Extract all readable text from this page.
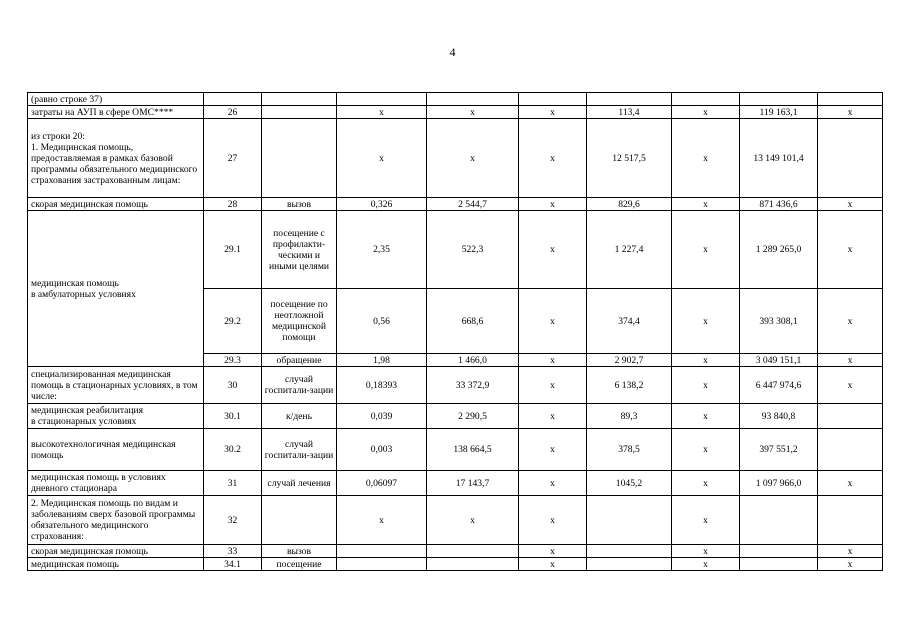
4
(равно строке 37)									
затраты на АУП в сфере ОМС****	26		x	x	x	113,4	x	119 163,1	x
из строки 20:
1. Медицинская помощь, предоставляемая в рамках базовой программы обязательного медицинского страхования застрахованным лицам:	27		x	x	x	12 517,5	x	13 149 101,4	
скорая медицинская помощь	28	вызов	0,326	2 544,7	x	829,6	x	871 436,6	x
медицинская помощь
в амбулаторных условиях	29.1	посещение с профилакти-ческими и иными целями	2,35	522,3	x	1 227,4	x	1 289 265,0	x
	29.2	посещение по неотложной медицинской помощи	0,56	668,6	x	374,4	x	393 308,1	x
	29.3	обращение	1,98	1 466,0	x	2 902,7	x	3 049 151,1	x
специализированная медицинская помощь в стационарных условиях, в том числе:	30	случай госпитали-зации	0,18393	33 372,9	x	6 138,2	x	6 447 974,6	x
медицинская реабилитация
в стационарных условиях	30.1	к/день	0,039	2 290,5	x	89,3	x	93 840,8	
высокотехнологичная медицинская помощь	30.2	случай госпитали-зации	0,003	138 664,5	x	378,5	x	397 551,2	
медицинская помощь в условиях дневного стационара	31	случай лечения	0,06097	17 143,7	x	1045,2	x	1 097 966,0	x
2. Медицинская помощь по видам и заболеваниям сверх базовой программы обязательного медицинского страхования:	32		x	x	x		x		
скорая медицинская помощь	33	вызов			x		x		x
медицинская помощь	34.1	посещение			x		x		x
